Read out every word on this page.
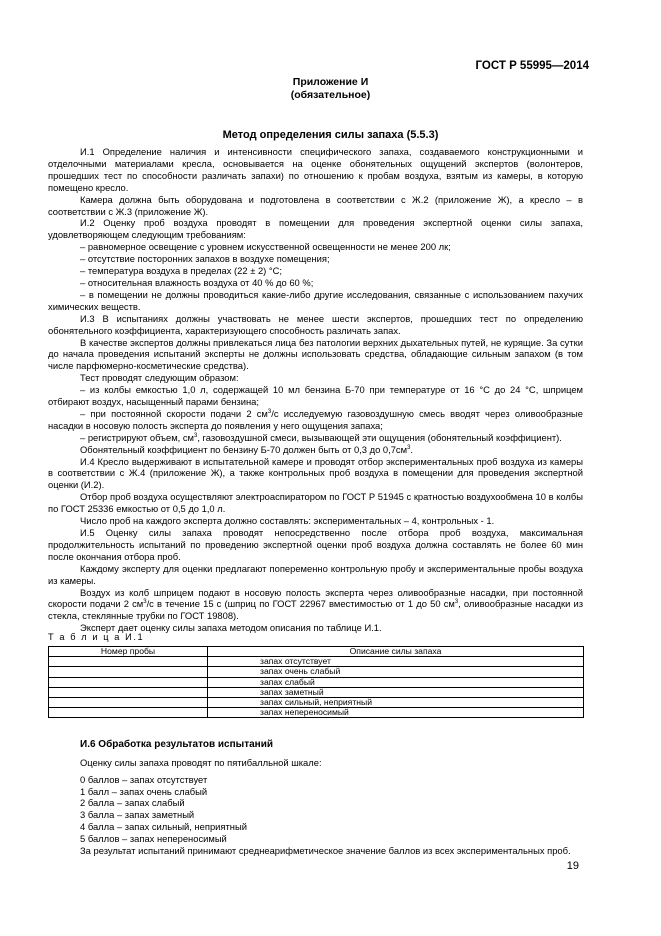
ГОСТ Р 55995—2014
Приложение И
(обязательное)
Метод определения силы запаха (5.5.3)

И.1 Определение наличия и интенсивности специфического запаха, создаваемого конструкционными и отделочными материалами кресла, основывается на оценке обонятельных ощущений экспертов (волонтеров, прошедших тест по способности различать запахи) по отношению к пробам воздуха, взятым из камеры, в которую помещено кресло.

Камера должна быть оборудована и подготовлена в соответствии с Ж.2 (приложение Ж), а кресло – в соответствии с Ж.3 (приложение Ж).

И.2 Оценку проб воздуха проводят в помещении для проведения экспертной оценки силы запаха, удовлетворяющем следующим требованиям:

– равномерное освещение с уровнем искусственной освещенности не менее 200 лк;

– отсутствие посторонних запахов в воздухе помещения;

– температура воздуха в пределах (22 ± 2) °С;

– относительная влажность воздуха от 40 % до 60 %;

– в помещении не должны проводиться какие-либо другие исследования, связанные с использованием пахучих химических веществ.

И.3 В испытаниях должны участвовать не менее шести экспертов, прошедших тест по определению обонятельного коэффициента, характеризующего способность различать запах.

В качестве экспертов должны привлекаться лица без патологии верхних дыхательных путей, не курящие. За сутки до начала проведения испытаний эксперты не должны использовать средства, обладающие сильным запахом (в том числе парфюмерно-косметические средства).

Тест проводят следующим образом:

– из колбы емкостью 1,0 л, содержащей 10 мл бензина Б-70 при температуре от 16 °С до 24 °С, шприцем отбирают воздух, насыщенный парами бензина;

– при постоянной скорости подачи 2 $см^3/с$ исследуемую газовоздушную смесь вводят через оливообразные насадки в носовую полость эксперта до появления у него ощущения запаха;

– регистрируют объем, $см^3$, газовоздушной смеси, вызывающей эти ощущения (обонятельный коэффициент).

Обонятельный коэффициент по бензину Б-70 должен быть от 0,3 до $0,7см^3$.

И.4 Кресло выдерживают в испытательной камере и проводят отбор экспериментальных проб воздуха из камеры в соответствии с Ж.4 (приложение Ж), а также контрольных проб воздуха в помещении для проведения экспертной оценки (И.2).

Отбор проб воздуха осуществляют электроаспиратором по ГОСТ Р 51945 с кратностью воздухообмена 10 в колбы по ГОСТ 25336 емкостью от 0,5 до 1,0 л.

Число проб на каждого эксперта должно составлять: экспериментальных – 4, контрольных - 1.

И.5 Оценку силы запаха проводят непосредственно после отбора проб воздуха, максимальная продолжительность испытаний по проведению экспертной оценки проб воздуха должна составлять не более 60 мин после окончания отбора проб.

Каждому эксперту для оценки предлагают попеременно контрольную пробу и экспериментальные пробы воздуха из камеры.

Воздух из колб шприцем подают в носовую полость эксперта через оливообразные насадки, при постоянной скорости подачи 2 $см^3/с$ в течение 15 с (шприц по ГОСТ 22967 вместимостью от 1 до 50 $см^3$, оливообразные насадки из стекла, стеклянные трубки по ГОСТ 19808).

Эксперт дает оценку силы запаха методом описания по таблице И.1.

Т а б л и ц а И.1
Номер пробы	Описание силы запаха
	запах отсутствует
	запах очень слабый
	запах слабый
	запах заметный
	запах сильный, неприятный
	запах непереносимый
И.6 Обработка результатов испытаний

Оценку силы запаха проводят по пятибалльной шкале:

0 баллов – запах отсутствует

1 балл – запах очень слабый

2 балла – запах слабый

3 балла – запах заметный

4 балла – запах сильный, неприятный

5 баллов – запах непереносимый

За результат испытаний принимают среднеарифметическое значение баллов из всех экспериментальных проб.

19
